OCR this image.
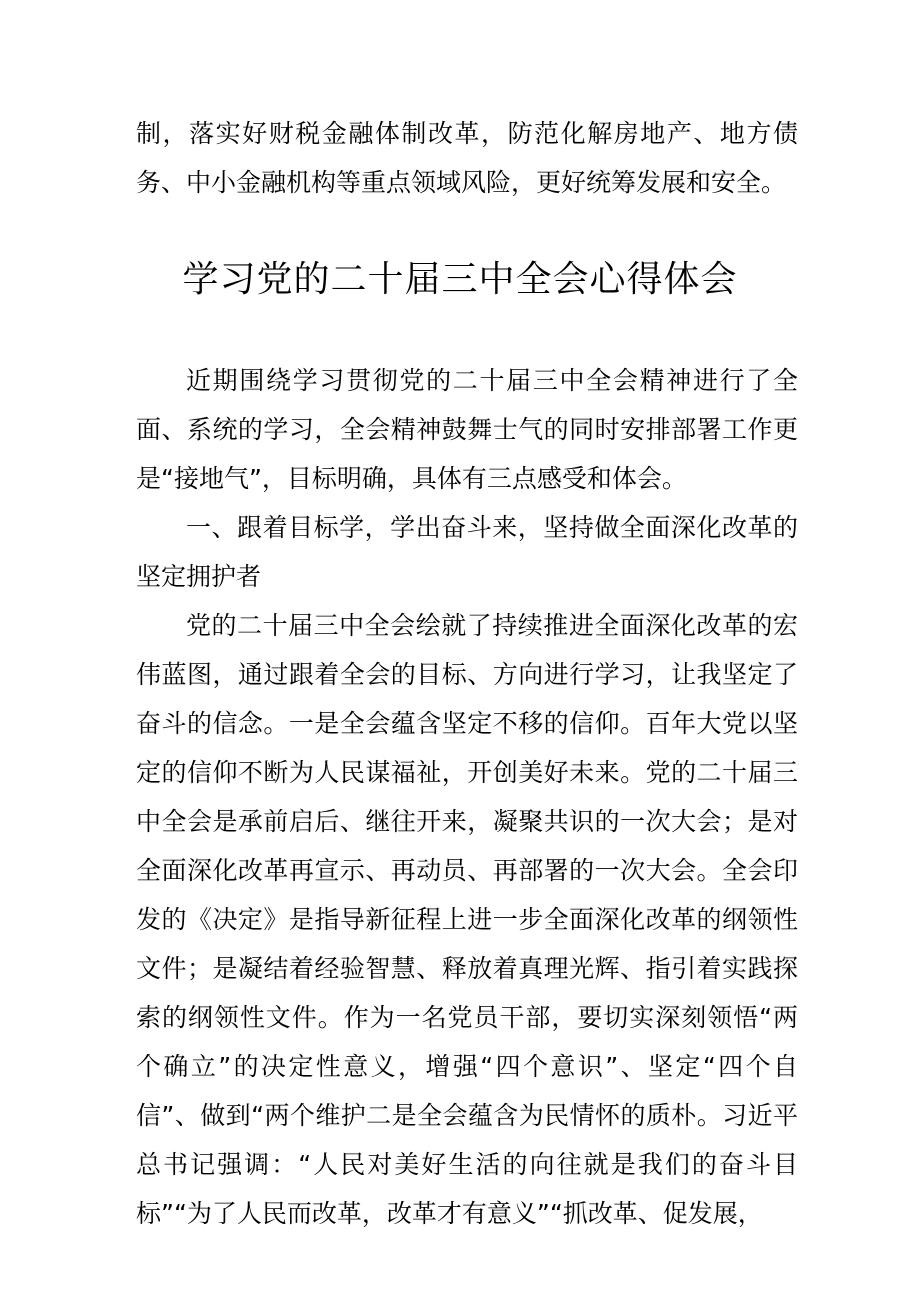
制，落实好财税金融体制改革，防范化解房地产、地方债务、中小金融机构等重点领域风险，更好统筹发展和安全。

学习党的二十届三中全会心得体会

近期围绕学习贯彻党的二十届三中全会精神进行了全面、系统的学习，全会精神鼓舞士气的同时安排部署工作更是“接地气”，目标明确，具体有三点感受和体会。

一、跟着目标学，学出奋斗来，坚持做全面深化改革的坚定拥护者

党的二十届三中全会绘就了持续推进全面深化改革的宏伟蓝图，通过跟着全会的目标、方向进行学习，让我坚定了奋斗的信念。一是全会蕴含坚定不移的信仰。百年大党以坚定的信仰不断为人民谋福祉，开创美好未来。党的二十届三中全会是承前启后、继往开来，凝聚共识的一次大会；是对全面深化改革再宣示、再动员、再部署的一次大会。全会印发的《决定》是指导新征程上进一步全面深化改革的纲领性文件；是凝结着经验智慧、释放着真理光辉、指引着实践探索的纲领性文件。作为一名党员干部，要切实深刻领悟“两个确立”的决定性意义，增强“四个意识”、坚定“四个自信”、做到“两个维护二是全会蕴含为民情怀的质朴。习近平总书记强调：“人民对美好生活的向往就是我们的奋斗目标”“为了人民而改革，改革才有意义”“抓改革、促发展，
